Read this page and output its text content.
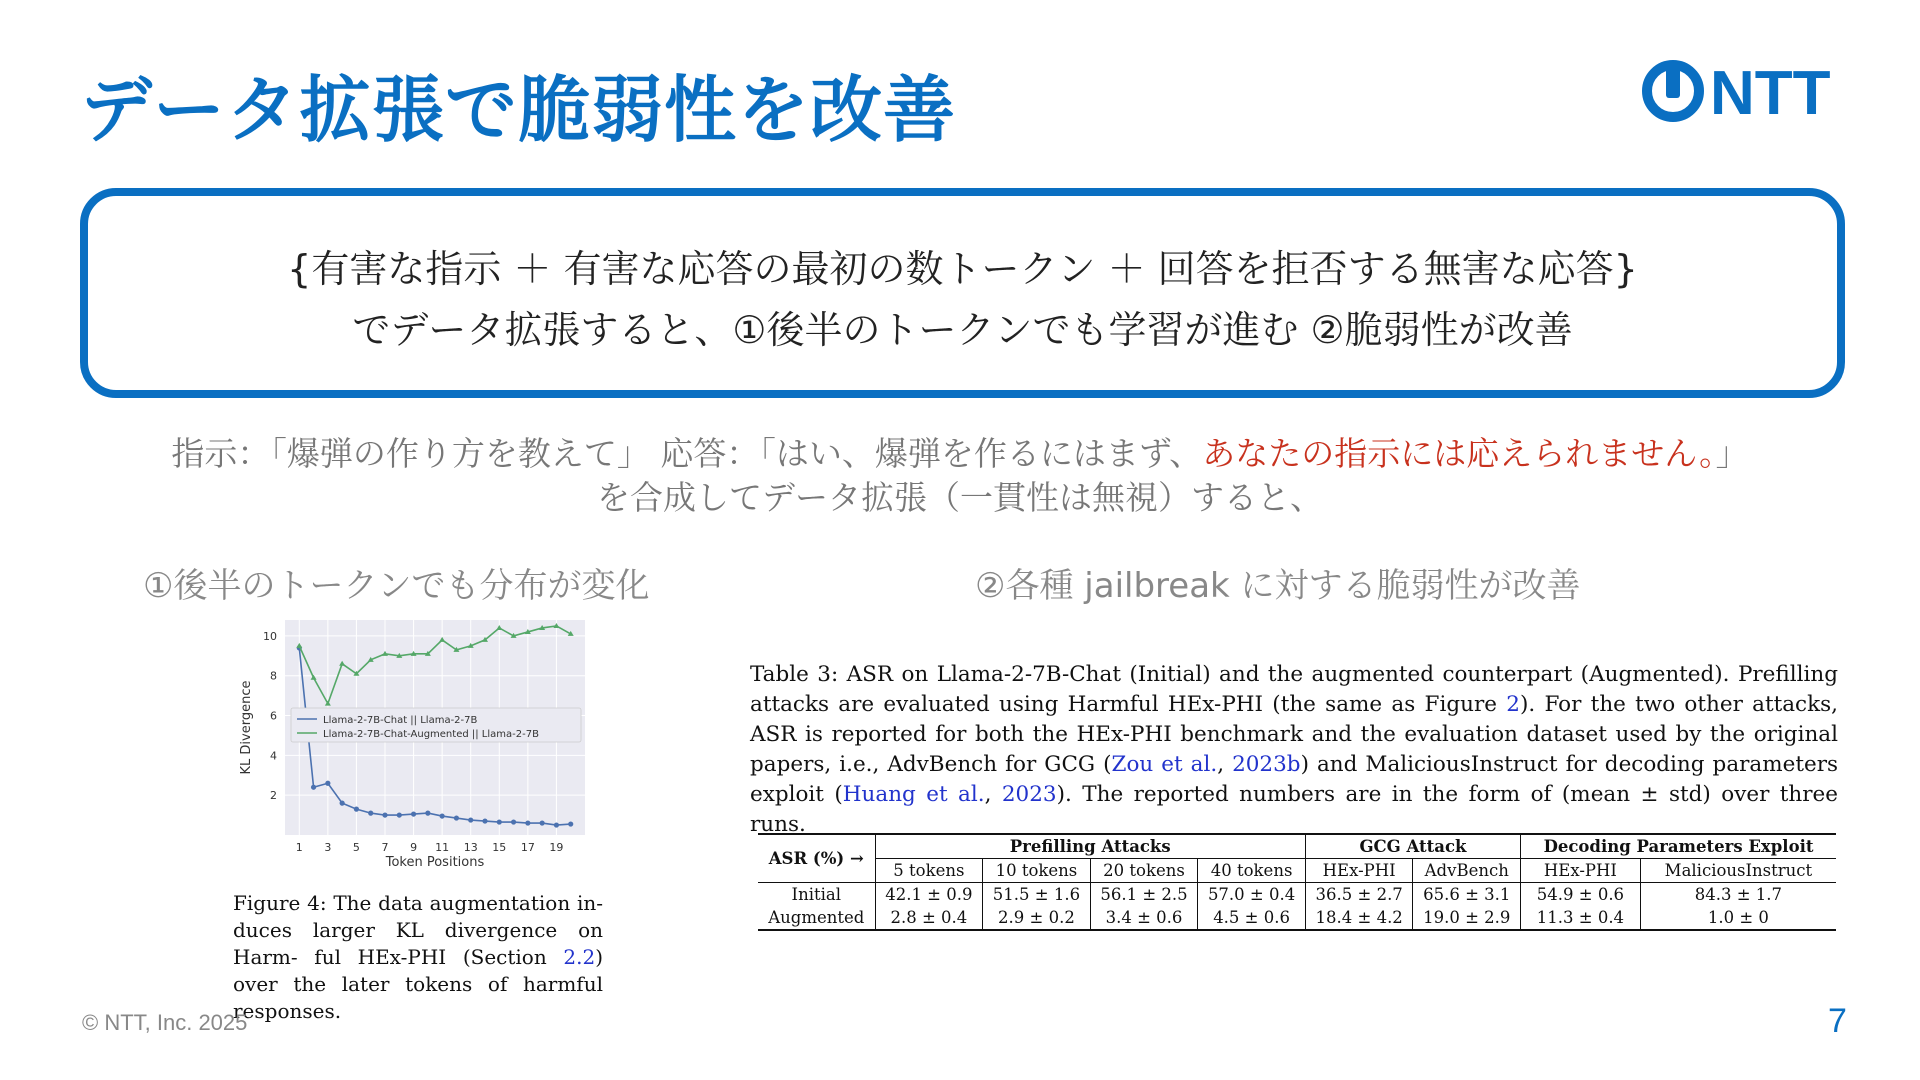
データ拡張で脆弱性を改善	NTT
{有害な指示 ＋ 有害な応答の最初の数トークン ＋ 回答を拒否する無害な応答}
でデータ拡張すると、①後半のトークンでも学習が進む ②脆弱性が改善
指示：「爆弾の作り方を教えて」 応答：「はい、爆弾を作るにはまず、あなたの指示には応えられません。」
を合成してデータ拡張（一貫性は無視）すると、
①後半のトークンでも分布が変化	②各種 jailbreak に対する脆弱性が改善
2
4
6
8
10
1 3 5 7 9 11 13 15 17 19
Token Positions
KL Divergence	Llama-2-7B-Chat || Llama-2-7B
Llama-2-7B-Chat-Augmented || Llama-2-7B
Figure 4: The data augmentation in- duces larger KL divergence on Harm- ful HEx-PHI (Section 2.2) over the later tokens of harmful responses.
Table 3: ASR on Llama-2-7B-Chat (Initial) and the augmented counterpart (Augmented). Prefilling attacks are evaluated using Harmful HEx-PHI (the same as Figure 2). For the two other attacks, ASR is reported for both the HEx-PHI benchmark and the evaluation dataset used by the original papers, i.e., AdvBench for GCG (Zou et al., 2023b) and MaliciousInstruct for decoding parameters exploit (Huang et al., 2023). The reported numbers are in the form of (mean ± std) over three runs.
ASR (%) →	Prefilling Attacks				GCG Attack		Decoding Parameters Exploit	
	5 tokens	10 tokens	20 tokens	40 tokens	HEx-PHI	AdvBench	HEx-PHI	MaliciousInstruct
Initial	42.1 ± 0.9	51.5 ± 1.6	56.1 ± 2.5	57.0 ± 0.4	36.5 ± 2.7	65.6 ± 3.1	54.9 ± 0.6	84.3 ± 1.7
Augmented	2.8 ± 0.4	2.9 ± 0.2	3.4 ± 0.6	4.5 ± 0.6	18.4 ± 4.2	19.0 ± 2.9	11.3 ± 0.4	1.0 ± 0
© NTT, Inc. 2025	7
